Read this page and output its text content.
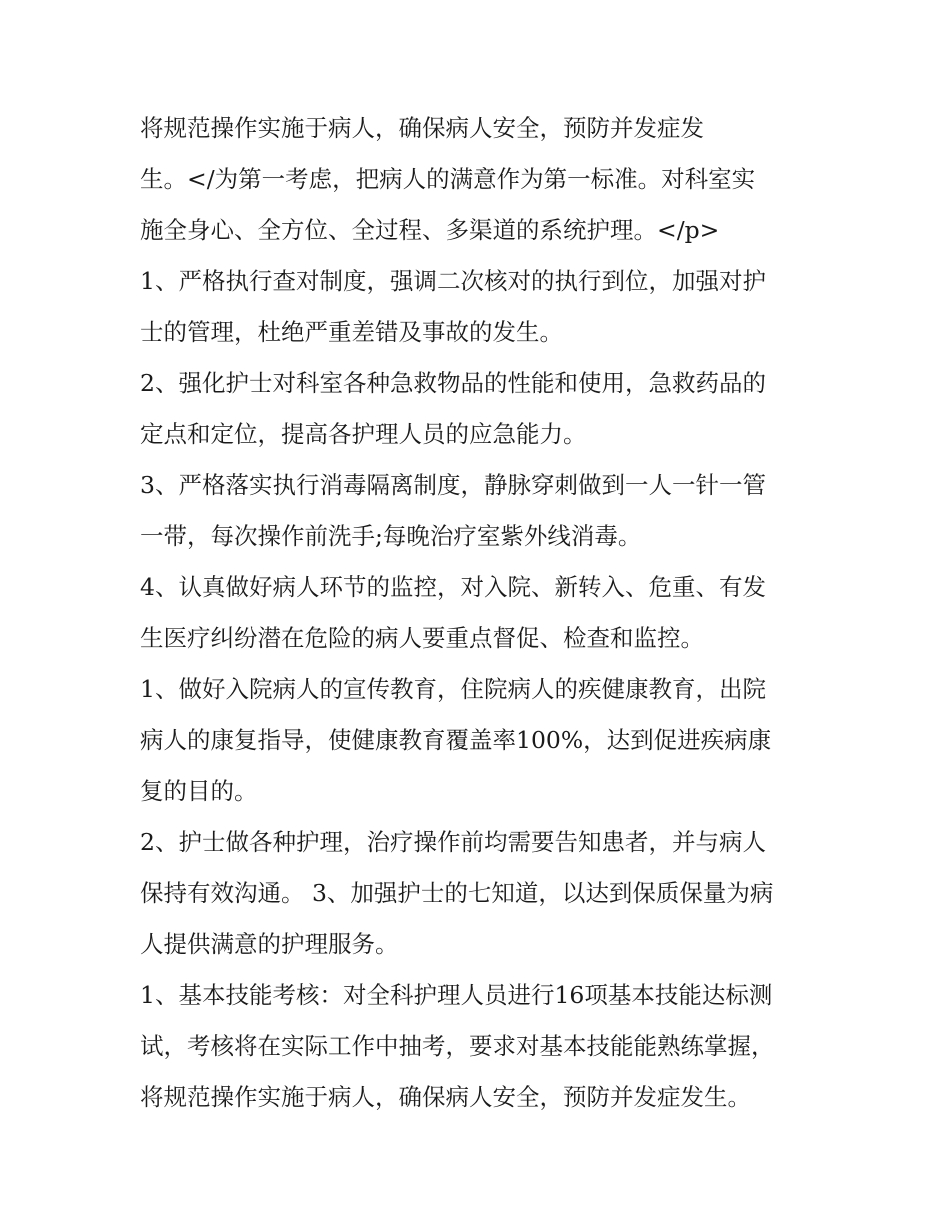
将规范操作实施于病人，确保病人安全，预防并发症发
生。</为第一考虑，把病人的满意作为第一标准。对科室实
施全身心、全方位、全过程、多渠道的系统护理。</p>
1、严格执行查对制度，强调二次核对的执行到位，加强对护
士的管理，杜绝严重差错及事故的发生。
2、强化护士对科室各种急救物品的性能和使用，急救药品的
定点和定位，提高各护理人员的应急能力。
3、严格落实执行消毒隔离制度，静脉穿刺做到一人一针一管
一带，每次操作前洗手;每晚治疗室紫外线消毒。
4、认真做好病人环节的监控，对入院、新转入、危重、有发
生医疗纠纷潜在危险的病人要重点督促、检查和监控。
1、做好入院病人的宣传教育，住院病人的疾健康教育，出院
病人的康复指导，使健康教育覆盖率100%，达到促进疾病康
复的目的。
2、护士做各种护理，治疗操作前均需要告知患者，并与病人
保持有效沟通。 3、加强护士的七知道，以达到保质保量为病
人提供满意的护理服务。
1、基本技能考核：对全科护理人员进行16项基本技能达标测
试，考核将在实际工作中抽考，要求对基本技能能熟练掌握，
将规范操作实施于病人，确保病人安全，预防并发症发生。
